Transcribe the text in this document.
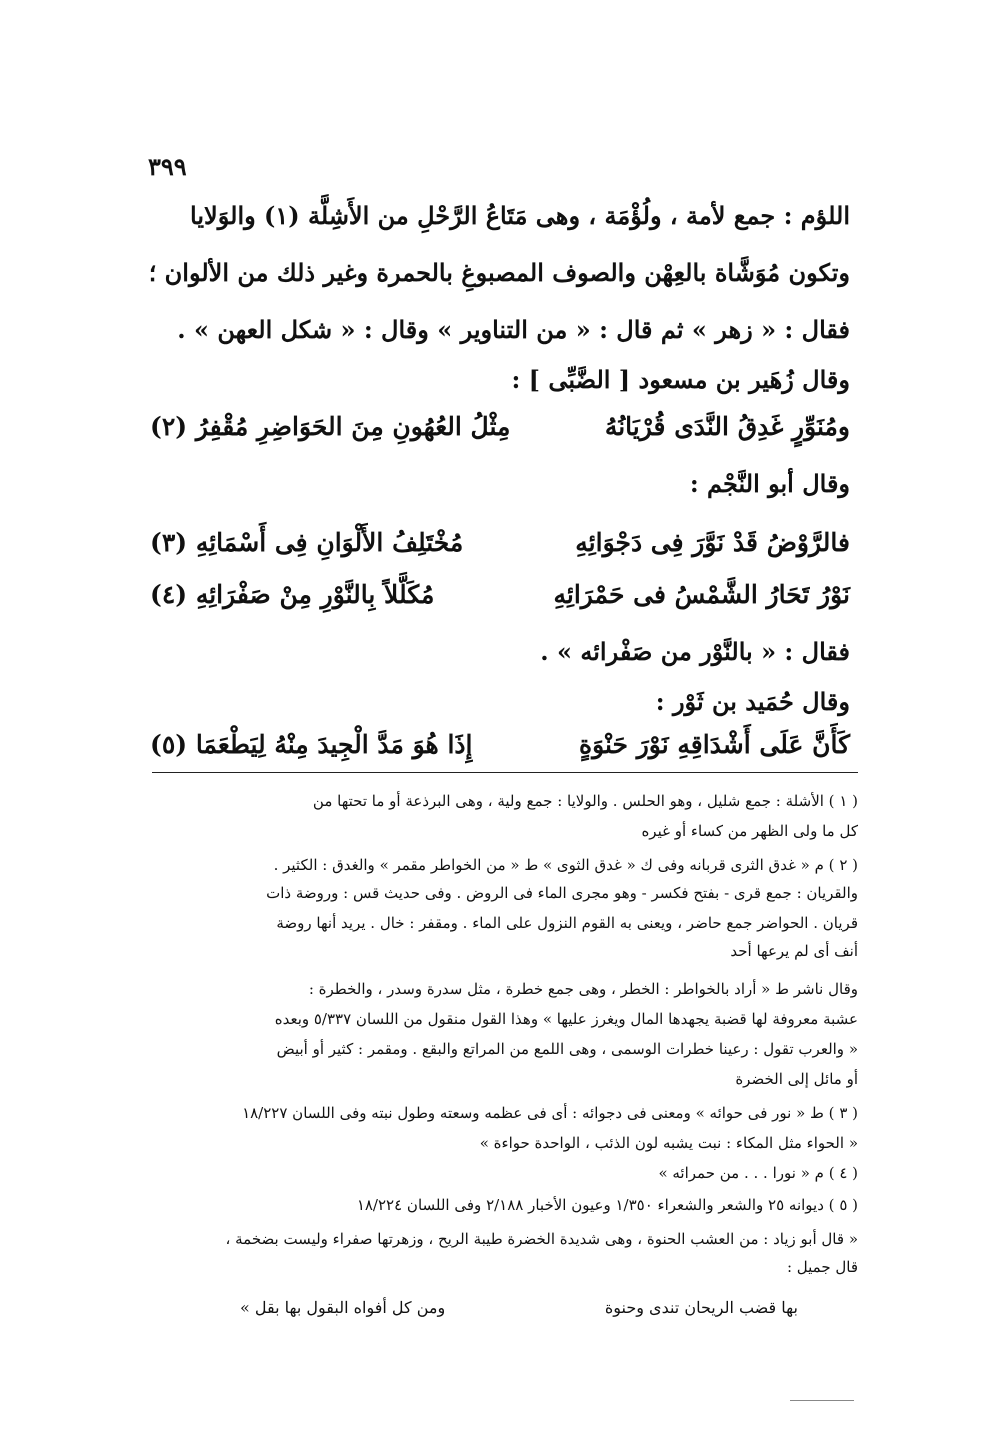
٣٩٩
اللؤم : جمع لأمة ، ولُؤْمَة ، وهى مَتَاعُ الرَّحْلِ من الأَشِلَّة (١) والوَلايا
وتكون مُوَشَّاة بالعِهْن والصوف المصبوغِ بالحمرة وغير ذلك من الألوان ؛
فقال : « زهر » ثم قال : « من التناوير » وقال : « شكل العهن » .
وقال زُهَير بن مسعود [ الضَّبِّى ] :
ومُنَوِّرٍ غَدِقُ النَّدَى قُرْيَانُهُ
مِثْلُ العُهُونِ مِنَ الحَوَاضِرِ مُقْفِرُ (٢)
وقال أبو النَّجْم :
فالرَّوْضُ قَدْ نَوَّرَ فِى دَجْوَائِهِ
مُخْتَلِفُ الأَلْوَانِ فِى أَسْمَائِهِ (٣)
نَوْرُ تَحَارُ الشَّمْسُ فى حَمْرَائِهِ
مُكَلَّلاً بِالنَّوْرِ مِنْ صَفْرَائِهِ (٤)
فقال : « بالنَّوْر من صَفْرائه » .
وقال حُمَيد بن ثَوْر :
كَأَنَّ عَلَى أَشْدَاقِهِ نَوْرَ حَنْوَةٍ
إِذَا هُوَ مَدَّ الْجِيدَ مِنْهُ لِيَطْعَمَا (٥)
( ١ ) الأشلة : جمع شليل ، وهو الحلس . والولايا : جمع ولية ، وهى البرذعة أو ما تحتها من
كل ما ولى الظهر من كساء أو غيره
( ٢ ) م « غدق الثرى قربانه وفى ك « غدق الثوى » ط « من الخواطر مقمر » والغدق : الكثير .
والقريان : جمع قرى - بفتح فكسر - وهو مجرى الماء فى الروض . وفى حديث قس : وروضة ذات
قريان . الحواضر جمع حاضر ، ويعنى به القوم النزول على الماء . ومقفر : خال . يريد أنها روضة
أنف أى لم يرعها أحد
وقال ناشر ط « أراد بالخواطر : الخطر ، وهى جمع خطرة ، مثل سدرة وسدر ، والخطرة :
عشبة معروفة لها قضبة يجهدها المال ويغرز عليها » وهذا القول منقول من اللسان ٥/٣٣٧ وبعده
« والعرب تقول : رعينا خطرات الوسمى ، وهى اللمع من المراتع والبقع . ومقمر : كثير أو أبيض
أو مائل إلى الخضرة
( ٣ ) ط « نور فى حوائه » ومعنى فى دجوائه : أى فى عظمه وسعته وطول نبته وفى اللسان ١٨/٢٢٧
« الحواء مثل المكاء : نبت يشبه لون الذئب ، الواحدة حواءة »
( ٤ ) م « نورا . . . من حمرائه »
( ٥ ) ديوانه ٢٥ والشعر والشعراء ١/٣٥٠ وعيون الأخبار ٢/١٨٨ وفى اللسان ١٨/٢٢٤
« قال أبو زياد : من العشب الحنوة ، وهى شديدة الخضرة طيبة الريح ، وزهرتها صفراء وليست بضخمة ،
قال جميل :
بها قضب الريحان تندى وحنوة
ومن كل أفواه البقول بها بقل »
